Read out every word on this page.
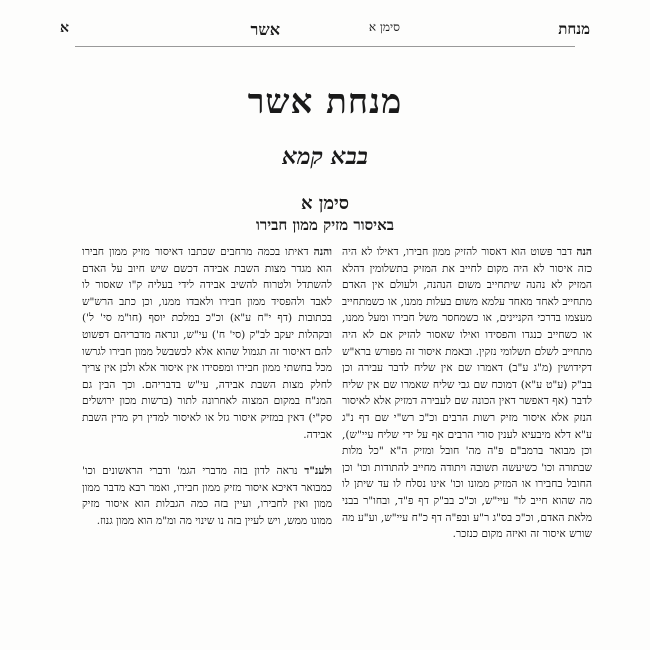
מנחת
סימן א
אשר
א
מנחת אשר
בבא קמא
סימן א
באיסור מזיק ממון חבירו

הנה דבר פשוט הוא דאסור להזיק ממון חבירו, דאילו לא היה כזה איסור לא היה מקום לחייב את המזיק בתשלומין דהלא המזיק לא נהנה שיתחייב משום הנהנה, ולעולם אין האדם מתחייב לאחד מאחד עלמא משום בעלות ממנו, או כשמתחייב מעצמו בדרכי הקניינים, או כשמחסר משל חבירו ומעל ממנו, או כשחייב כנגדו והפסידו ואילו שאסור להזיק אם לא היה מתחייב לשלם תשלומי נזקין. ובאמת איסור זה מפורש ברא"ש דקידושין (מ"ג ע"ב) דאמרו שם אין שליח לדבר עבירה וכן בב"ק (ע"ט ע"א) דמוכח שם גבי שליח שאמרו שם אין שליח לדבר (אף דאפשר דאין הכונה שם לעבירה דמזיק אלא לאיסור הנזק אלא איסור מזיק רשות הרבים וכ"כ רש"י שם דף נ"ג ע"א דלא מיבעיא לענין סורי הרבים אף על ידי שליח עיי"ש), וכן מבואר ברמב"ם פ"ה מה' חובל ומזיק ה"א "כל מלות שבתורה וכו' כשיעשה תשובה ויתודה מחייב להתודות וכו' וכן החובל בחבירו או המזיק ממונו וכו' אינו נסלח לו עד שיתן לו מה שהוא חייב לו" עיי"ש, וכ"כ בב"ק דף פ"ד, ובחו"ר בבני מלאת האדם, וכ"כ בס"ג ר"ע ובפ"ה דף כ"ח עיי"ש, וע"ע מה שורש איסור זה ואיזה מקום כנזכר.

והנה דאיתו בכמה מרחבים שכתבו דאיסור מזיק ממון חבירו הוא מגדר מצות השבת אבידה דכשם שיש חיוב על האדם להשתדל ולטרוח להשיב אבידה לידי בעליה ק"ו שאסור לו לאבד ולהפסיד ממון חבירו ולאבדו ממנו, וכן כתב הרש"ש בכתובות (דף י"ח ע"א) וכ"כ במלכת יוסף (חו"מ סי' ל') ובקהלות יעקב לב"ק (סי' ח') עי"ש, ונראה מדבריהם דפשוט להם דאיסור זה תגמול שהוא אלא לכשבשל ממון חבירו לגרשו מכל בחשתי ממון חבירו ומפסידו אין איסור אלא ולכן אין צריך לחלק מצות השבת אבידה, עי"ש בדבריהם. וכך הבין גם המנ"ח במקום המצוה לאחרונה לתור (ברשות מכון ירושלים סק"י) דאין במזיק איסור גזל או לאיסור למדין רק מדין השבת אבידה.

ולענ"ד נראה לדון בזה מדברי הגמ' ודברי הראשונים וכו' כמבואר דאיכא איסור מזיק ממון חבירו, ואמר רבא מדבר ממון ממון ואין לחבירו, ועיין בזה כמה הגבלות הוא איסור מזיק ממונו ממש, ויש לעיין בזה נו שינוי מה ומ"מ הוא ממון גנוז.
